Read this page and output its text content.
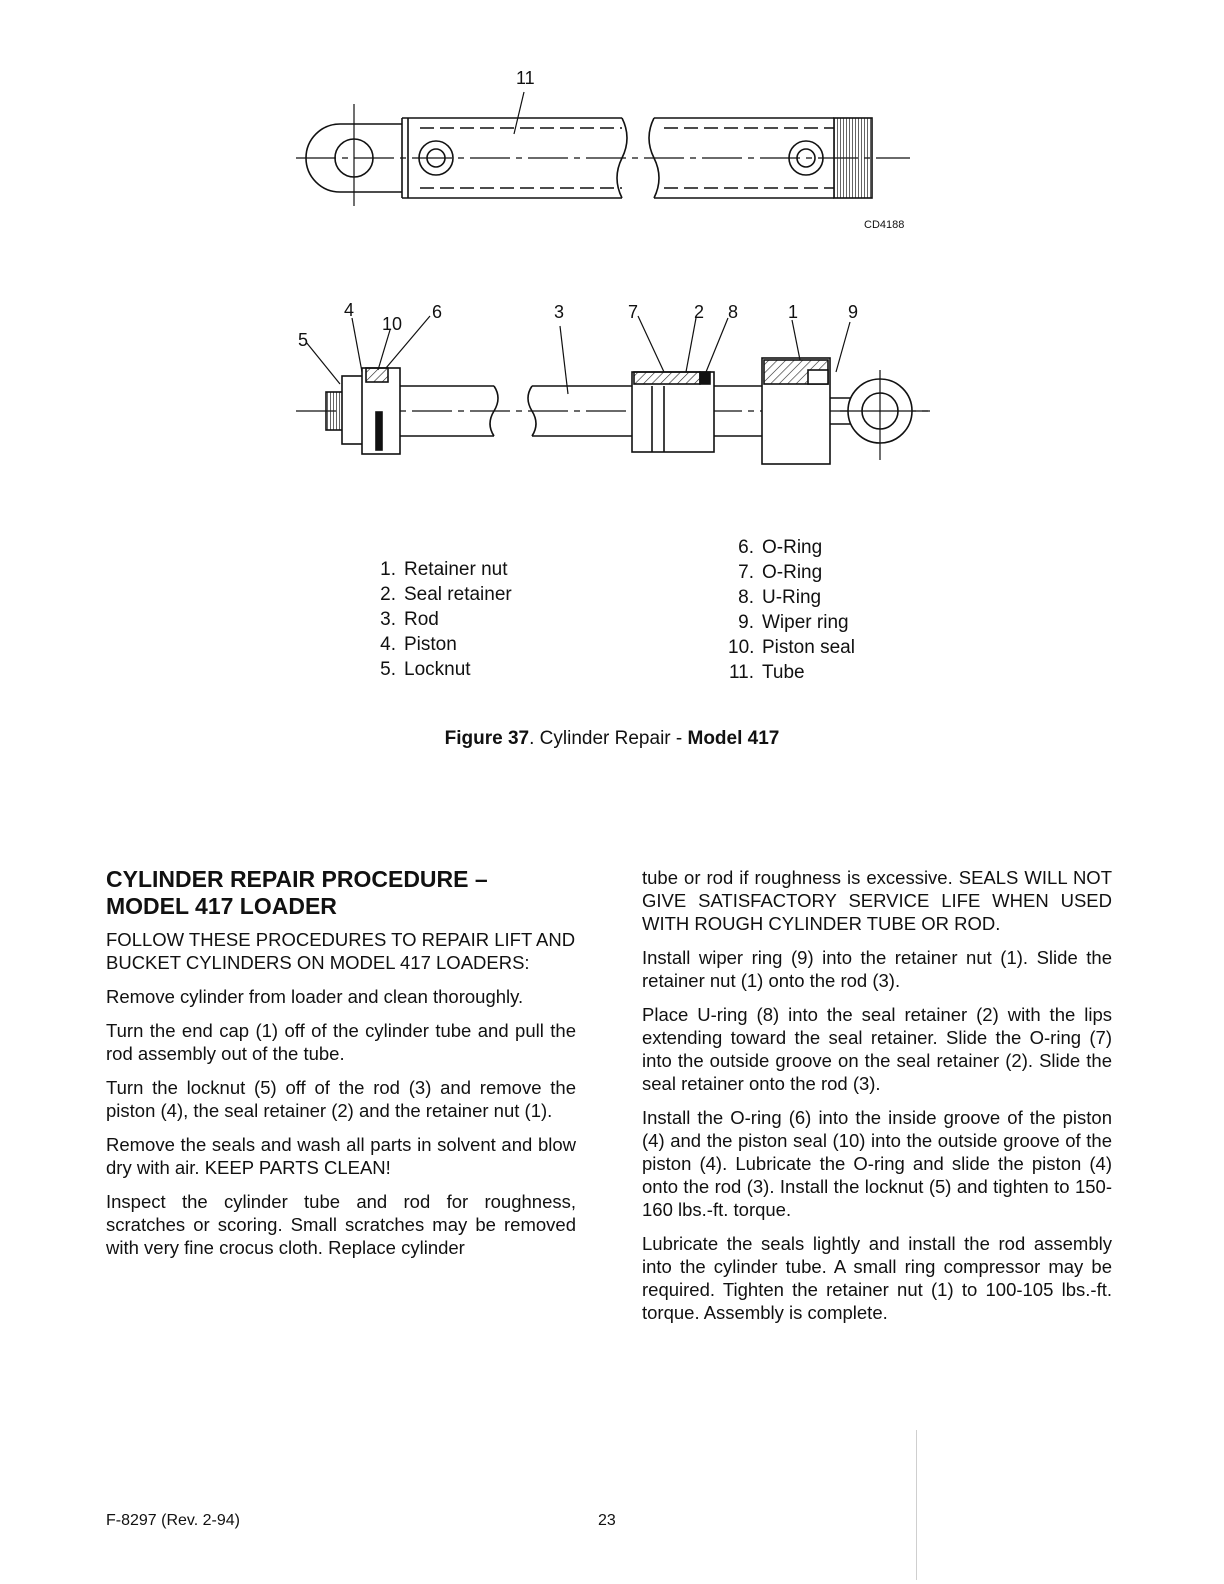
11
CD4188
4
10
6
5
3	7	2 8	1	9
1. Retainer nut
2. Seal retainer
3. Rod
4. Piston
5. Locknut
6. O-Ring
7. O-Ring
8. U-Ring
9. Wiper ring
10. Piston seal
11. Tube
Figure 37. Cylinder Repair - Model 417
CYLINDER REPAIR PROCEDURE –
MODEL 417 LOADER

FOLLOW THESE PROCEDURES TO REPAIR LIFT AND BUCKET CYLINDERS ON MODEL 417 LOADERS:

Remove cylinder from loader and clean thoroughly.

Turn the end cap (1) off of the cylinder tube and pull the rod assembly out of the tube.

Turn the locknut (5) off of the rod (3) and remove the piston (4), the seal retainer (2) and the retainer nut (1).

Remove the seals and wash all parts in solvent and blow dry with air. KEEP PARTS CLEAN!

Inspect the cylinder tube and rod for roughness, scratches or scoring. Small scratches may be removed with very fine crocus cloth. Replace cylinder

tube or rod if roughness is excessive. SEALS WILL NOT GIVE SATISFACTORY SERVICE LIFE WHEN USED WITH ROUGH CYLINDER TUBE OR ROD.

Install wiper ring (9) into the retainer nut (1). Slide the retainer nut (1) onto the rod (3).

Place U-ring (8) into the seal retainer (2) with the lips extending toward the seal retainer. Slide the O-ring (7) into the outside groove on the seal retainer (2). Slide the seal retainer onto the rod (3).

Install the O-ring (6) into the inside groove of the piston (4) and the piston seal (10) into the outside groove of the piston (4). Lubricate the O-ring and slide the piston (4) onto the rod (3). Install the locknut (5) and tighten to 150-160 lbs.-ft. torque.

Lubricate the seals lightly and install the rod assembly into the cylinder tube. A small ring compressor may be required. Tighten the retainer nut (1) to 100-105 lbs.-ft. torque. Assembly is complete.

F-8297 (Rev. 2-94)	23
